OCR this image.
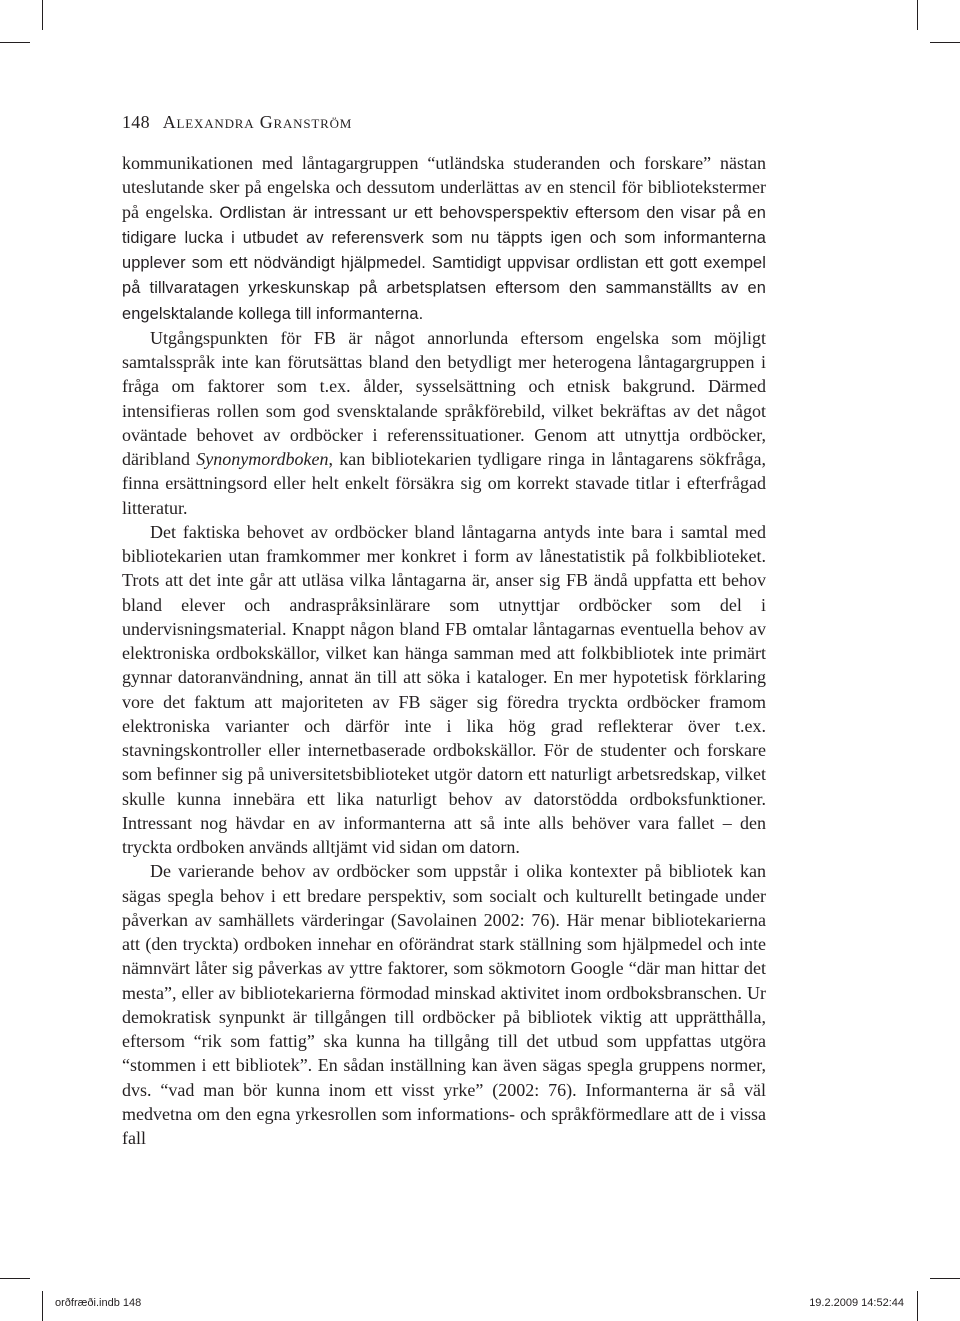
148 Alexandra Granström

kommunikationen med låntagargruppen “utländska studeranden och forskare” nästan uteslutande sker på engelska och dessutom underlättas av en stencil för bibliotekstermer på engelska. Ordlistan är intressant ur ett behovsperspektiv eftersom den visar på en tidigare lucka i utbudet av referensverk som nu täppts igen och som informanterna upplever som ett nödvändigt hjälpmedel. Samtidigt uppvisar ordlistan ett gott exempel på tillvaratagen yrkeskunskap på arbetsplatsen eftersom den sammanställts av en engelsktalande kollega till informanterna.

Utgångspunkten för FB är något annorlunda eftersom engelska som möjligt samtalsspråk inte kan förutsättas bland den betydligt mer heterogena låntagargruppen i fråga om faktorer som t.ex. ålder, sysselsättning och etnisk bakgrund. Därmed intensifieras rollen som god svensktalande språkförebild, vilket bekräftas av det något oväntade behovet av ordböcker i referenssituationer. Genom att utnyttja ordböcker, däribland Synonymordboken, kan bibliotekarien tydligare ringa in låntagarens sökfråga, finna ersättningsord eller helt enkelt försäkra sig om korrekt stavade titlar i efterfrågad litteratur.

Det faktiska behovet av ordböcker bland låntagarna antyds inte bara i samtal med bibliotekarien utan framkommer mer konkret i form av lånestatistik på folkbiblioteket. Trots att det inte går att utläsa vilka låntagarna är, anser sig FB ändå uppfatta ett behov bland elever och andraspråksinlärare som utnyttjar ordböcker som del i undervisningsmaterial. Knappt någon bland FB omtalar låntagarnas eventuella behov av elektroniska ordbokskällor, vilket kan hänga samman med att folkbibliotek inte primärt gynnar datoranvändning, annat än till att söka i kataloger. En mer hypotetisk förklaring vore det faktum att majoriteten av FB säger sig föredra tryckta ordböcker framom elektroniska varianter och därför inte i lika hög grad reflekterar över t.ex. stavningskontroller eller internetbaserade ordbokskällor. För de studenter och forskare som befinner sig på universitetsbiblioteket utgör datorn ett naturligt arbetsredskap, vilket skulle kunna innebära ett lika naturligt behov av datorstödda ordboksfunktioner. Intressant nog hävdar en av informanterna att så inte alls behöver vara fallet – den tryckta ordboken används alltjämt vid sidan om datorn.

De varierande behov av ordböcker som uppstår i olika kontexter på bibliotek kan sägas spegla behov i ett bredare perspektiv, som socialt och kulturellt betingade under påverkan av samhällets värderingar (Savolainen 2002: 76). Här menar bibliotekarierna att (den tryckta) ordboken innehar en oförändrat stark ställning som hjälpmedel och inte nämnvärt låter sig påverkas av yttre faktorer, som sökmotorn Google “där man hittar det mesta”, eller av bibliotekarierna förmodad minskad aktivitet inom ordboksbranschen. Ur demokratisk synpunkt är tillgången till ordböcker på bibliotek viktig att upprätthålla, eftersom “rik som fattig” ska kunna ha tillgång till det utbud som uppfattas utgöra “stommen i ett bibliotek”. En sådan inställning kan även sägas spegla gruppens normer, dvs. “vad man bör kunna inom ett visst yrke” (2002: 76). Informanterna är så väl medvetna om den egna yrkesrollen som informations- och språkförmedlare att de i vissa fall

orðfræði.indb 148	19.2.2009 14:52:44
